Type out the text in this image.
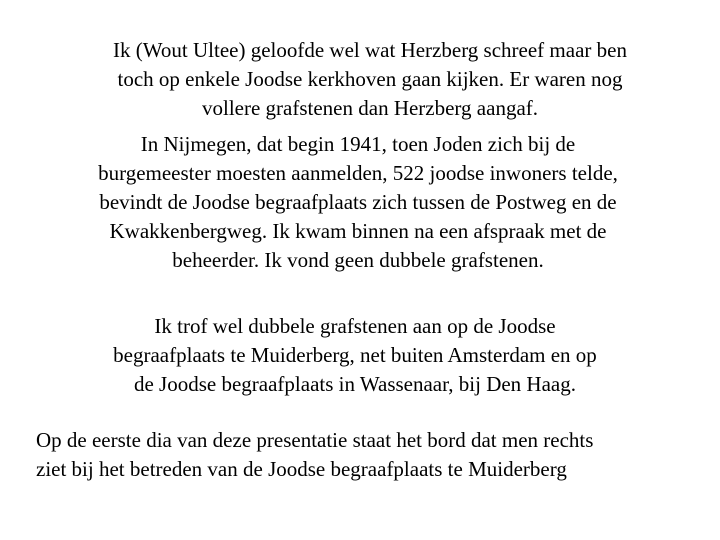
Ik (Wout Ultee) geloofde wel wat Herzberg schreef maar ben
toch op enkele Joodse kerkhoven gaan kijken. Er waren nog
vollere grafstenen dan Herzberg aangaf.

In Nijmegen, dat begin 1941, toen Joden zich bij de
burgemeester moesten aanmelden, 522 joodse inwoners telde,
bevindt de Joodse begraafplaats zich tussen de Postweg en de
Kwakkenbergweg. Ik kwam binnen na een afspraak met de
beheerder. Ik vond geen dubbele grafstenen.

Ik trof wel dubbele grafstenen aan op de Joodse
begraafplaats te Muiderberg, net buiten Amsterdam en op
de Joodse begraafplaats in Wassenaar, bij Den Haag.

Op de eerste dia van deze presentatie staat het bord dat men rechts
ziet bij het betreden van de Joodse begraafplaats te Muiderberg
